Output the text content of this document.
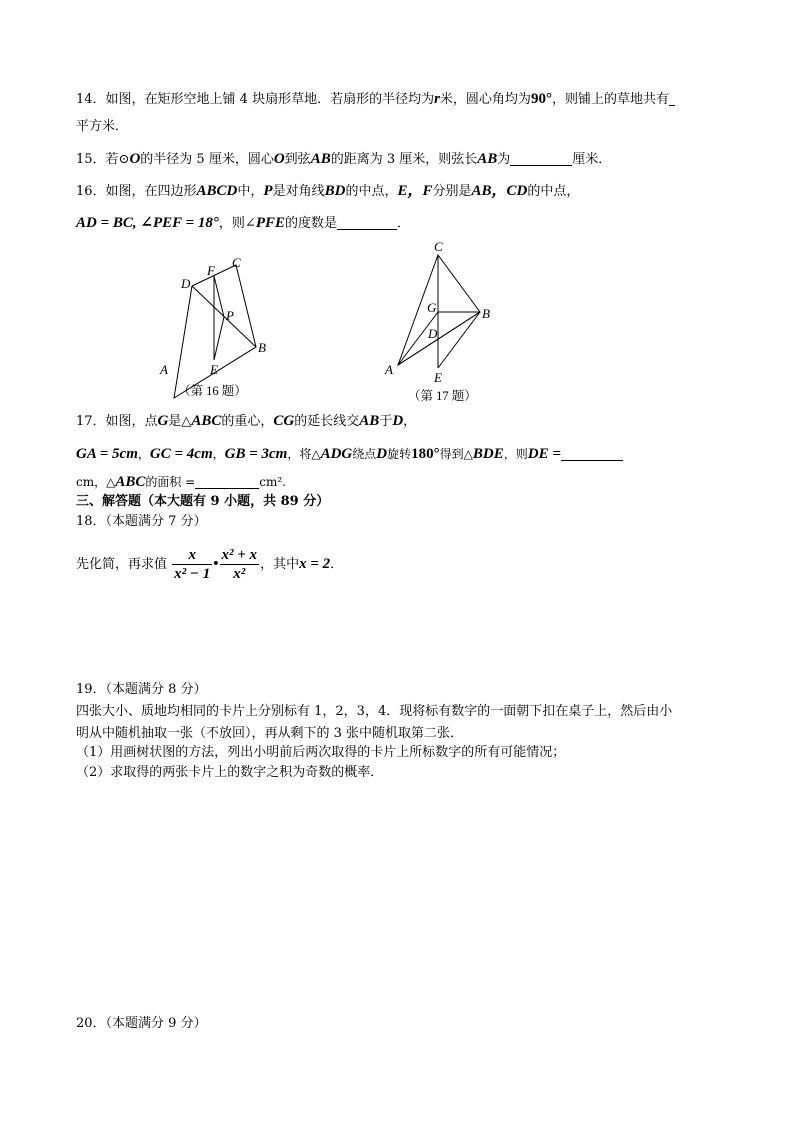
14．如图，在矩形空地上铺 4 块扇形草地．若扇形的半径均为r米，圆心角均为90°，则铺上的草地共有
平方米．
15．若⊙O的半径为 5 厘米，圆心O到弦AB的距离为 3 厘米，则弦长AB为	厘米．
16．如图，在四边形ABCD中，P是对角线BD的中点，E，F分别是AB，CD的中点，
AD = BC, ∠PEF = 18°，则∠PFE的度数是	．
A
B
C
D
E
F
P
（第 16 题）
A
B
C
D
E
G
（第 17 题）
17．如图，点G是△ABC的重心，CG的延长线交AB于D，
GA = 5cm，GC = 4cm，GB = 3cm，将△ADG绕点D旋转180°得到△BDE，则DE =
cm，△ABC的面积 =	cm².
三、解答题（本大题有 9 小题，共 89 分）
18．（本题满分 7 分）
先化简，再求值 $\frac{x}{\text{x² − 1}}$ • $\frac{\text{x² + x}}{\text{x²}}$ ，其中x = 2．
19．（本题满分 8 分）
四张大小、质地均相同的卡片上分别标有 1，2，3，4．现将标有数字的一面朝下扣在桌子上，然后由小
明从中随机抽取一张（不放回），再从剩下的 3 张中随机取第二张．
（1）用画树状图的方法，列出小明前后两次取得的卡片上所标数字的所有可能情况；
（2）求取得的两张卡片上的数字之积为奇数的概率．
20．（本题满分 9 分）
